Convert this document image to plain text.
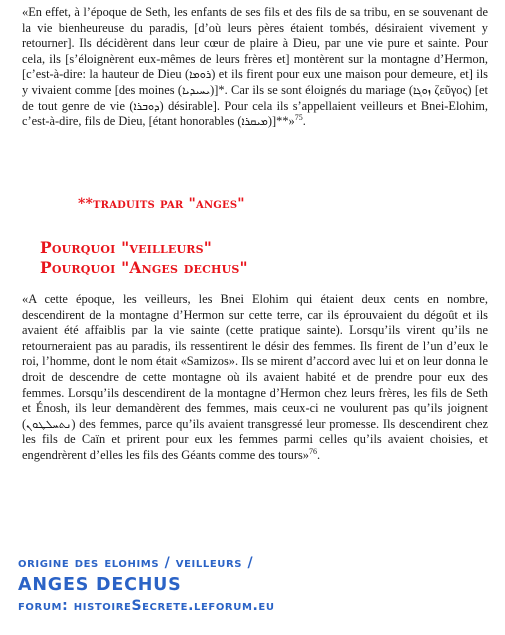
«En effet, à l’époque de Seth, les enfants de ses fils et des fils de sa tribu, en se souvenant de la vie bienheureuse du paradis, [d’où leurs pères étaient tombés, désiraient vivement y retourner]. Ils décidèrent dans leur cœur de plaire à Dieu, par une vie pure et sainte. Pour cela, ils [s’éloignèrent eux-mêmes de leurs frères et] montèrent sur la montagne d’Hermon, [c’est-à-dire: la hauteur de Dieu (ܪܘܡܐ) et ils firent pour eux une maison pour demeure, et] ils y vivaient comme [des moines (ܝܚܝܕܝܐ)]*. Car ils se sont éloignés du mariage (ܙܘܓܐ ζεῦγος) [et de tout genre de vie (ܕܘܒܪܐ) désirable]. Pour cela ils s’appellaient veilleurs et Bnei-Elohim, c’est-à-dire, fils de Dieu, [étant honorables (ܡܝܩܪܐ)]**»$^{75}$.

**traduits par "anges"
Pourquoi "veilleurs"
Pourquoi "Anges dechus"

«A cette époque, les veilleurs, les Bnei Elohim qui étaient deux cents en nombre, descendirent de la montagne d’Hermon sur cette terre, car ils éprouvaient du dégoût et ils avaient été affaiblis par la vie sainte (cette pratique sainte). Lorsqu’ils virent qu’ils ne retourneraient pas au paradis, ils ressentirent le désir des femmes. Ils firent de l’un d’eux le roi, l’homme, dont le nom était «Samizos». Ils se mirent d’accord avec lui et on leur donna le droit de descendre de cette montagne où ils avaient habité et de prendre pour eux des femmes. Lorsqu’ils descendirent de la montagne d’Hermon chez leurs frères, les fils de Seth et Énosh, ils leur demandèrent des femmes, mais ceux-ci ne voulurent pas qu’ils joignent (ܢܬܚܠܛܘܢ) des femmes, parce qu’ils avaient transgressé leur promesse. Ils descendirent chez les fils de Caïn et prirent pour eux les femmes parmi celles qu’ils avaient choisies, et engendrèrent d’elles les fils des Géants comme des tours»$^{76}$.

origine des elohims / veilleurs /
ANGES DECHUS
forum: histoireSecrete.leforum.eu
